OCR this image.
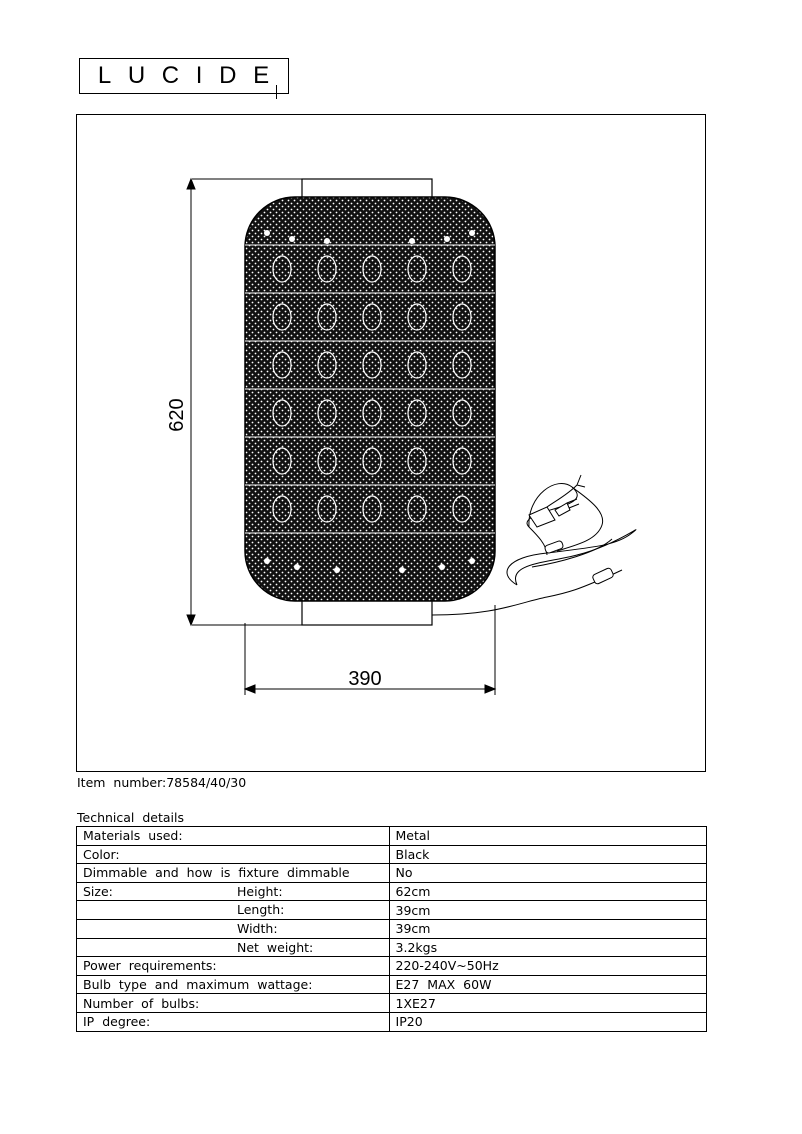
L U C I D E
620
390
Item number:78584/40/30
Technical details
Materials used:	Metal
Color:	Black
Dimmable and how is fixture dimmable	No
Size: Height:	62cm

Length:	39cm

Width:	39cm

Net weight:	3.2kgs
Power requirements:	220-240V~50Hz
Bulb type and maximum wattage:	E27 MAX 60W
Number of bulbs:	1XE27
IP degree:	IP20
